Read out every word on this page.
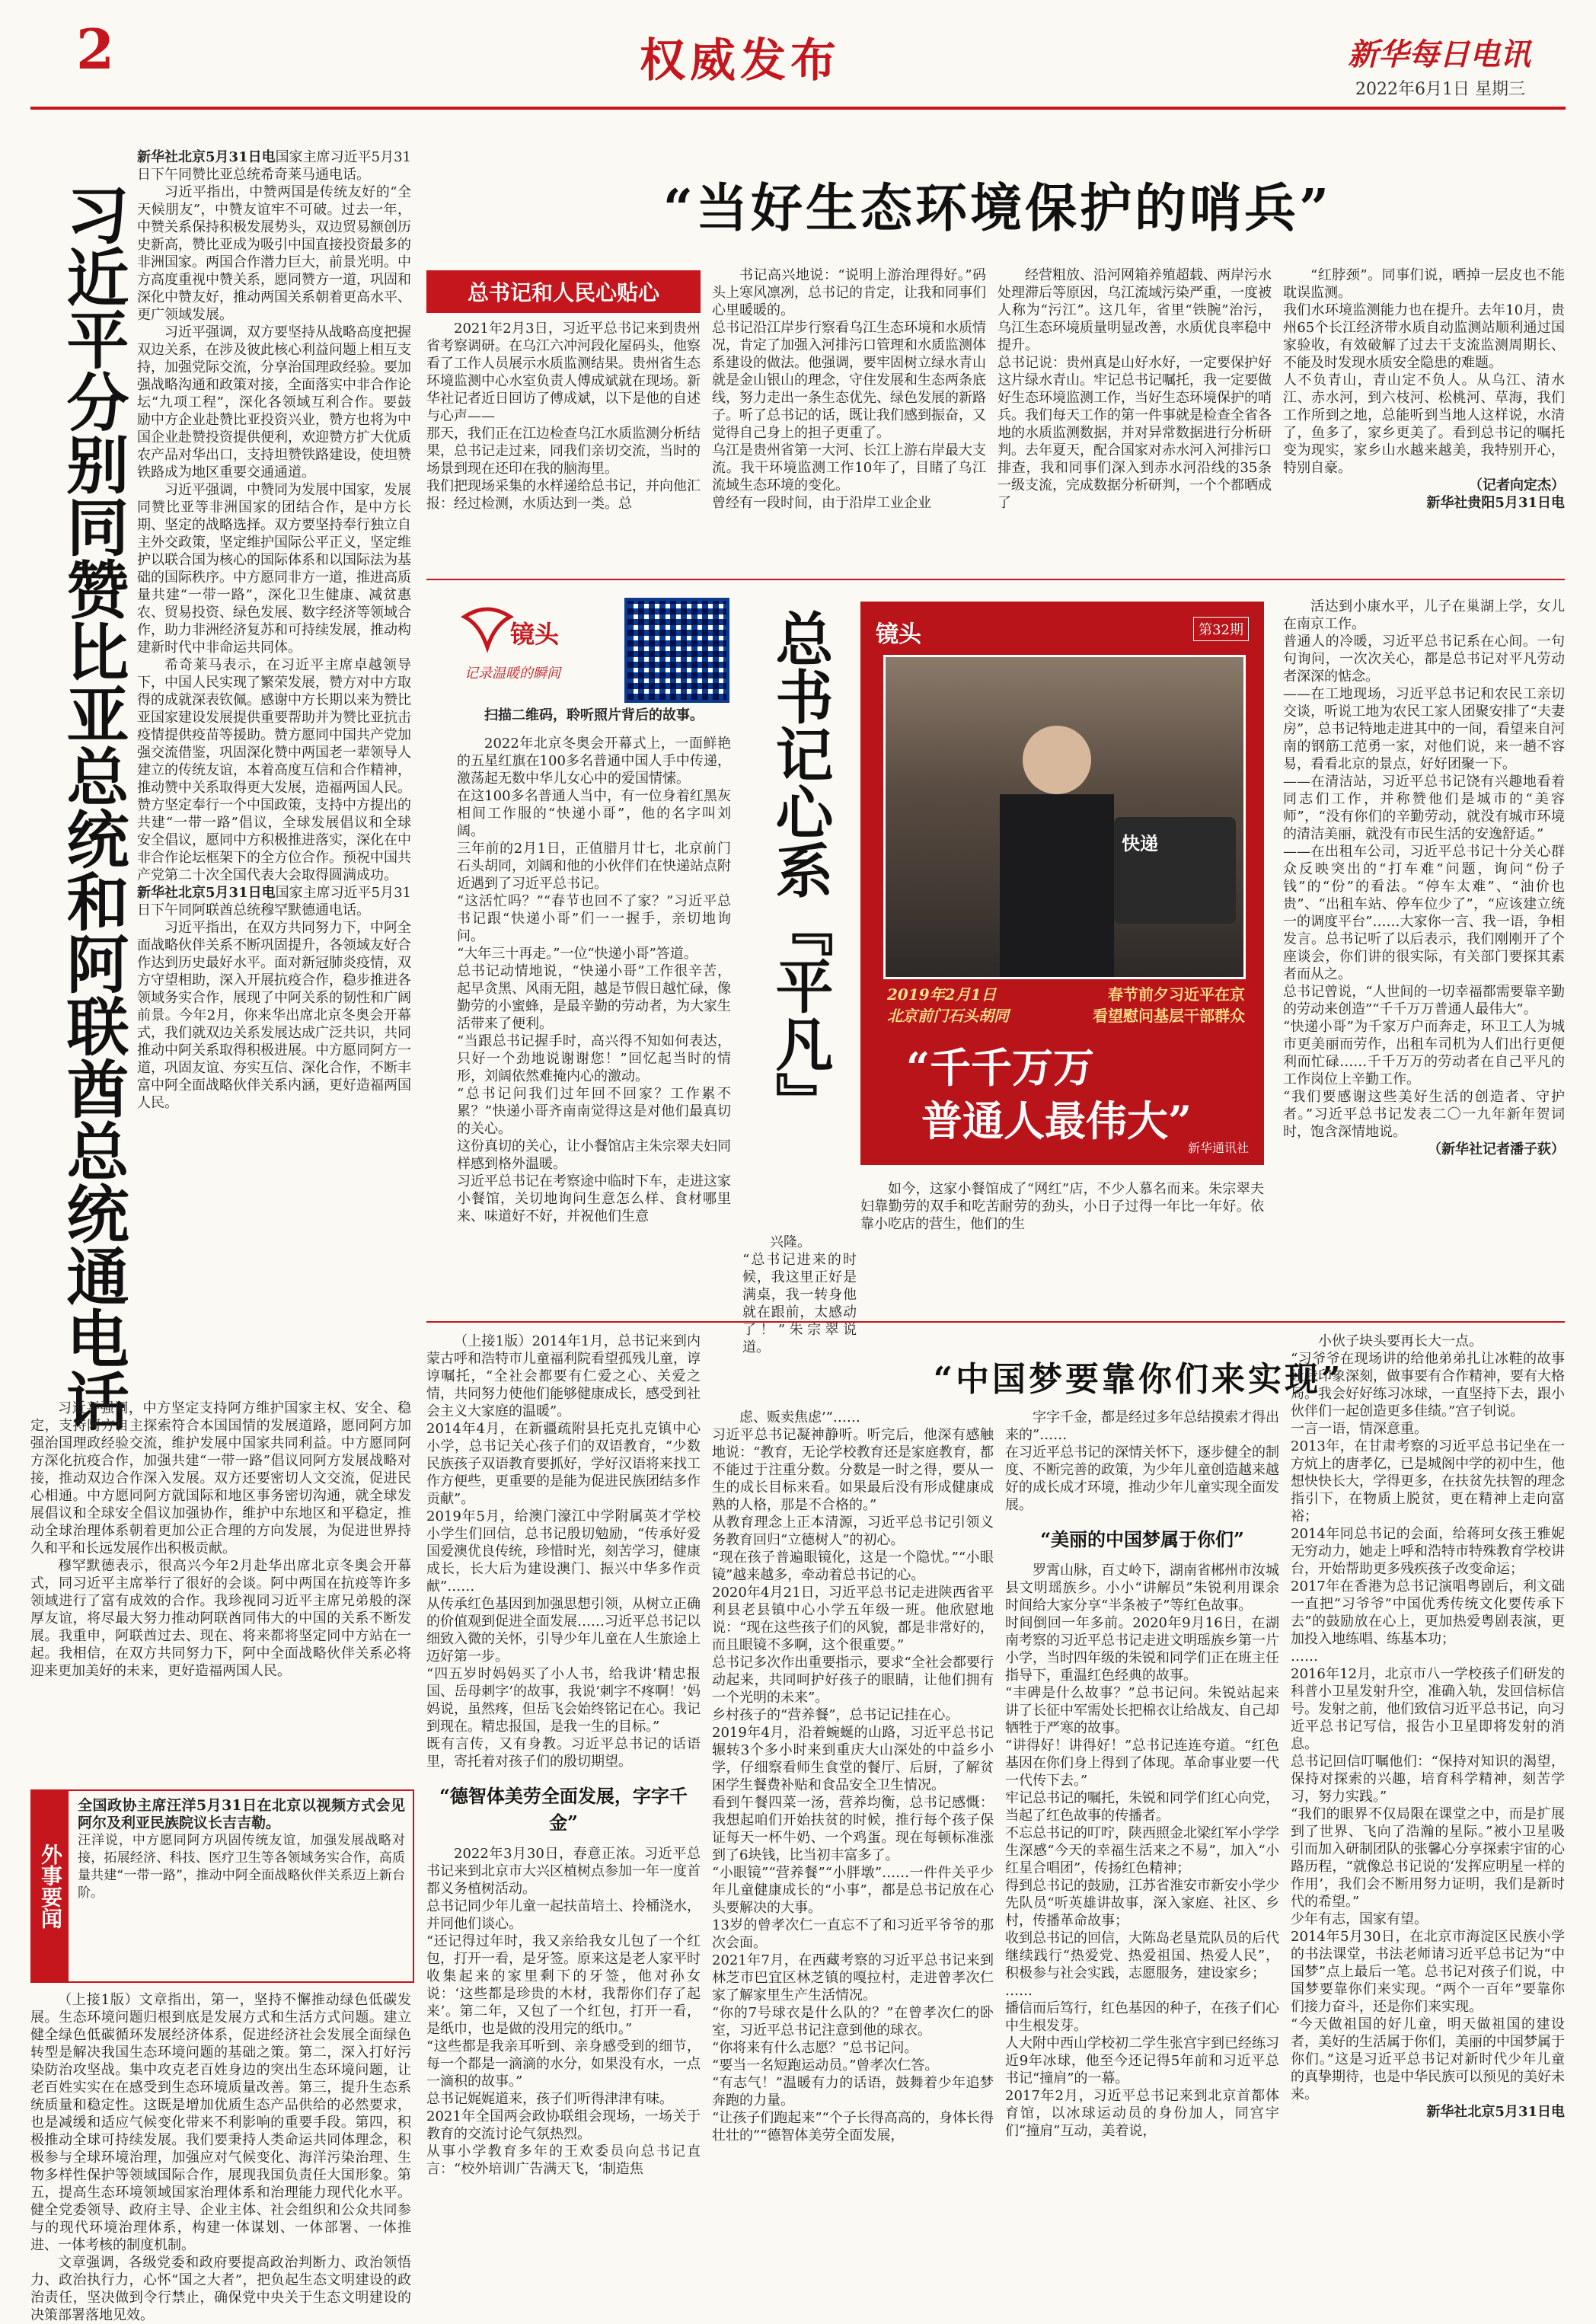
2	权威发布	新华每日电讯
2022年6月1日 星期三
习近平分别同赞比亚总统和阿联酋总统通电话

新华社北京5月31日电国家主席习近平5月31日下午同赞比亚总统希奇莱马通电话。

习近平指出，中赞两国是传统友好的“全天候朋友”，中赞友谊牢不可破。过去一年，中赞关系保持积极发展势头，双边贸易额创历史新高，赞比亚成为吸引中国直接投资最多的非洲国家。两国合作潜力巨大，前景光明。中方高度重视中赞关系，愿同赞方一道，巩固和深化中赞友好，推动两国关系朝着更高水平、更广领域发展。

习近平强调，双方要坚持从战略高度把握双边关系，在涉及彼此核心利益问题上相互支持，加强党际交流，分享治国理政经验。要加强战略沟通和政策对接，全面落实中非合作论坛“九项工程”，深化各领域互利合作。要鼓励中方企业赴赞比亚投资兴业，赞方也将为中国企业赴赞投资提供便利，欢迎赞方扩大优质农产品对华出口，支持坦赞铁路建设，使坦赞铁路成为地区重要交通通道。

习近平强调，中赞同为发展中国家，发展同赞比亚等非洲国家的团结合作，是中方长期、坚定的战略选择。双方要坚持奉行独立自主外交政策，坚定维护国际公平正义，坚定维护以联合国为核心的国际体系和以国际法为基础的国际秩序。中方愿同非方一道，推进高质量共建“一带一路”，深化卫生健康、减贫惠农、贸易投资、绿色发展、数字经济等领域合作，助力非洲经济复苏和可持续发展，推动构建新时代中非命运共同体。

希奇莱马表示，在习近平主席卓越领导下，中国人民实现了繁荣发展，赞方对中方取得的成就深表钦佩。感谢中方长期以来为赞比亚国家建设发展提供重要帮助并为赞比亚抗击疫情提供疫苗等援助。赞方愿同中国共产党加强交流借鉴，巩固深化赞中两国老一辈领导人建立的传统友谊，本着高度互信和合作精神，推动赞中关系取得更大发展，造福两国人民。赞方坚定奉行一个中国政策，支持中方提出的共建“一带一路”倡议，全球发展倡议和全球安全倡议，愿同中方积极推进落实，深化在中非合作论坛框架下的全方位合作。预祝中国共产党第二十次全国代表大会取得圆满成功。

新华社北京5月31日电国家主席习近平5月31日下午同阿联酋总统穆罕默德通电话。

习近平指出，在双方共同努力下，中阿全面战略伙伴关系不断巩固提升，各领域友好合作达到历史最好水平。面对新冠肺炎疫情，双方守望相助，深入开展抗疫合作，稳步推进各领域务实合作，展现了中阿关系的韧性和广阔前景。今年2月，你来华出席北京冬奥会开幕式，我们就双边关系发展达成广泛共识，共同推动中阿关系取得积极进展。中方愿同阿方一道，巩固友谊、夯实互信、深化合作，不断丰富中阿全面战略伙伴关系内涵，更好造福两国人民。

习近平强调，中方坚定支持阿方维护国家主权、安全、稳定，支持阿方自主探索符合本国国情的发展道路，愿同阿方加强治国理政经验交流，维护发展中国家共同利益。中方愿同阿方深化抗疫合作，加强共建“一带一路”倡议同阿方发展战略对接，推动双边合作深入发展。双方还要密切人文交流，促进民心相通。中方愿同阿方就国际和地区事务密切沟通，就全球发展倡议和全球安全倡议加强协作，维护中东地区和平稳定，推动全球治理体系朝着更加公正合理的方向发展，为促进世界持久和平和长远发展作出积极贡献。

穆罕默德表示，很高兴今年2月赴华出席北京冬奥会开幕式，同习近平主席举行了很好的会谈。阿中两国在抗疫等许多领域进行了富有成效的合作。我珍视同习近平主席兄弟般的深厚友谊，将尽最大努力推动阿联酋同伟大的中国的关系不断发展。我重申，阿联酋过去、现在、将来都将坚定同中方站在一起。我相信，在双方共同努力下，阿中全面战略伙伴关系必将迎来更加美好的未来，更好造福两国人民。

外事要闻

全国政协主席汪洋5月31日在北京以视频方式会见阿尔及利亚民族院议长吉吉勒。

汪洋说，中方愿同阿方巩固传统友谊，加强发展战略对接，拓展经济、科技、医疗卫生等各领域务实合作，高质量共建“一带一路”，推动中阿全面战略伙伴关系迈上新台阶。

（上接1版）文章指出，第一，坚持不懈推动绿色低碳发展。生态环境问题归根到底是发展方式和生活方式问题。建立健全绿色低碳循环发展经济体系，促进经济社会发展全面绿色转型是解决我国生态环境问题的基础之策。第二，深入打好污染防治攻坚战。集中攻克老百姓身边的突出生态环境问题，让老百姓实实在在感受到生态环境质量改善。第三，提升生态系统质量和稳定性。这既是增加优质生态产品供给的必然要求，也是减缓和适应气候变化带来不利影响的重要手段。第四，积极推动全球可持续发展。我们要秉持人类命运共同体理念，积极参与全球环境治理，加强应对气候变化、海洋污染治理、生物多样性保护等领域国际合作，展现我国负责任大国形象。第五，提高生态环境领域国家治理体系和治理能力现代化水平。健全党委领导、政府主导、企业主体、社会组织和公众共同参与的现代环境治理体系，构建一体谋划、一体部署、一体推进、一体考核的制度机制。

文章强调，各级党委和政府要提高政治判断力、政治领悟力、政治执行力，心怀“国之大者”，把负起生态文明建设的政治责任，坚决做到令行禁止，确保党中央关于生态文明建设的决策部署落地见效。

“当好生态环境保护的哨兵”
总书记和人民心贴心

2021年2月3日，习近平总书记来到贵州省考察调研。在乌江六冲河段化屋码头，他察看了工作人员展示水质监测结果。贵州省生态环境监测中心水室负责人傅成斌就在现场。新华社记者近日回访了傅成斌，以下是他的自述与心声——
那天，我们正在江边检查乌江水质监测分析结果，总书记走过来，同我们亲切交流，当时的场景到现在还印在我的脑海里。
我们把现场采集的水样递给总书记，并向他汇报：经过检测，水质达到一类。总

书记高兴地说：“说明上游治理得好。”码头上寒风凛冽，总书记的肯定，让我和同事们心里暖暖的。
总书记沿江岸步行察看乌江生态环境和水质情况，肯定了加强入河排污口管理和水质监测体系建设的做法。他强调，要牢固树立绿水青山就是金山银山的理念，守住发展和生态两条底线，努力走出一条生态优先、绿色发展的新路子。听了总书记的话，既让我们感到振奋，又觉得自己身上的担子更重了。
乌江是贵州省第一大河、长江上游右岸最大支流。我干环境监测工作10年了，目睹了乌江流域生态环境的变化。
曾经有一段时间，由于沿岸工业企业

经营粗放、沿河网箱养殖超载、两岸污水处理滞后等原因，乌江流域污染严重，一度被人称为“污江”。这几年，省里“铁腕”治污，乌江生态环境质量明显改善，水质优良率稳中提升。
总书记说：贵州真是山好水好，一定要保护好这片绿水青山。牢记总书记嘱托，我一定要做好生态环境监测工作，当好生态环境保护的哨兵。我们每天工作的第一件事就是检查全省各地的水质监测数据，并对异常数据进行分析研判。去年夏天，配合国家对赤水河入河排污口排查，我和同事们深入到赤水河沿线的35条一级支流，完成数据分析研判，一个个都晒成了

“红脖颈”。同事们说，晒掉一层皮也不能耽误监测。
我们水环境监测能力也在提升。去年10月，贵州65个长江经济带水质自动监测站顺利通过国家验收，有效破解了过去干支流监测周期长、不能及时发现水质安全隐患的难题。
人不负青山，青山定不负人。从乌江、清水江、赤水河，到六枝河、松桃河、草海，我们工作所到之地，总能听到当地人这样说，水清了，鱼多了，家乡更美了。看到总书记的嘱托变为现实，家乡山水越来越美，我特别开心，特别自豪。

（记者向定杰）

新华社贵阳5月31日电

镜头
记录温暖的瞬间
扫描二维码，聆听照片背后的故事。

2022年北京冬奥会开幕式上，一面鲜艳的五星红旗在100多名普通中国人手中传递，激荡起无数中华儿女心中的爱国情愫。
在这100多名普通人当中，有一位身着红黑灰相间工作服的“快递小哥”，他的名字叫刘阔。
三年前的2月1日，正值腊月廿七，北京前门石头胡同，刘阔和他的小伙伴们在快递站点附近遇到了习近平总书记。
“这活忙吗？”“春节也回不了家？”习近平总书记跟“快递小哥”们一一握手，亲切地询问。
“大年三十再走。”一位“快递小哥”答道。
总书记动情地说，“快递小哥”工作很辛苦，起早贪黑、风雨无阻，越是节假日越忙碌，像勤劳的小蜜蜂，是最辛勤的劳动者，为大家生活带来了便利。
“当跟总书记握手时，高兴得不知如何表达，只好一个劲地说谢谢您！”回忆起当时的情形，刘阔依然难掩内心的激动。
“总书记问我们过年回不回家？工作累不累？”快递小哥齐南南觉得这是对他们最真切的关心。
这份真切的关心，让小餐馆店主朱宗翠夫妇同样感到格外温暖。
习近平总书记在考察途中临时下车，走进这家小餐馆，关切地询问生意怎么样、食材哪里来、味道好不好，并祝他们生意

总书记心系『平凡』

兴隆。
“总书记进来的时候，我这里正好是满桌，我一转身他就在跟前，太感动了！”朱宗翠说道。

镜头	第32期
快递
2019年2月1日
北京前门石头胡同
春节前夕习近平在京
看望慰问基层干部群众
“千千万万
普通人最伟大”
新华通讯社

如今，这家小餐馆成了“网红”店，不少人慕名而来。朱宗翠夫妇靠勤劳的双手和吃苦耐劳的劲头，小日子过得一年比一年好。依靠小吃店的营生，他们的生

活达到小康水平，儿子在巢湖上学，女儿在南京工作。
普通人的冷暖，习近平总书记系在心间。一句句询问，一次次关心，都是总书记对平凡劳动者深深的惦念。
——在工地现场，习近平总书记和农民工亲切交谈，听说工地为农民工家人团聚安排了“夫妻房”，总书记特地走进其中的一间，看望来自河南的钢筋工范勇一家，对他们说，来一趟不容易，看看北京的景点，好好团聚一下。
——在清洁站，习近平总书记饶有兴趣地看着同志们工作，并称赞他们是城市的“美容师”，“没有你们的辛勤劳动，就没有城市环境的清洁美丽，就没有市民生活的安逸舒适。”
——在出租车公司，习近平总书记十分关心群众反映突出的“打车难”问题，询问“份子钱”的“份”的看法。“停车太难”、“油价也贵”、“出租车站、停车位少了”，“应该建立统一的调度平台”……大家你一言、我一语，争相发言。总书记听了以后表示，我们刚刚开了个座谈会，你们讲的很实际，有关部门要探其素者而从之。
总书记曾说，“人世间的一切幸福都需要靠辛勤的劳动来创造”“千千万万普通人最伟大”。
“快递小哥”为千家万户而奔走，环卫工人为城市更美丽而劳作，出租车司机为人们出行更便利而忙碌……千千万万的劳动者在自己平凡的工作岗位上辛勤工作。
“我们要感谢这些美好生活的创造者、守护者。”习近平总书记发表二〇一九年新年贺词时，饱含深情地说。

（新华社记者潘子荻）

（上接1版）2014年1月，总书记来到内蒙古呼和浩特市儿童福利院看望孤残儿童，谆谆嘱托，“全社会都要有仁爱之心、关爱之情，共同努力使他们能够健康成长，感受到社会主义大家庭的温暖”。
2014年4月，在新疆疏附县托克扎克镇中心小学，总书记关心孩子们的双语教育，“少数民族孩子双语教育要抓好，学好汉语将来找工作方便些，更重要的是能为促进民族团结多作贡献”。
2019年5月，给澳门濠江中学附属英才学校小学生们回信，总书记殷切勉励，“传承好爱国爱澳优良传统，珍惜时光，刻苦学习，健康成长，长大后为建设澳门、振兴中华多作贡献”……
从传承红色基因到加强思想引领，从树立正确的价值观到促进全面发展……习近平总书记以细致入微的关怀，引导少年儿童在人生旅途上迈好第一步。
“四五岁时妈妈买了小人书，给我讲‘精忠报国、岳母刺字’的故事，我说‘刺字不疼啊！’妈妈说，虽然疼，但岳飞会始终铭记在心。我记到现在。精忠报国，是我一生的目标。”
既有言传，又有身教。习近平总书记的话语里，寄托着对孩子们的殷切期望。

“德智体美劳全面发展，字字千金”

2022年3月30日，春意正浓。习近平总书记来到北京市大兴区植树点参加一年一度首都义务植树活动。
总书记同少年儿童一起扶苗培土、拎桶浇水，并同他们谈心。
“还记得过年时，我又亲给我女儿包了一个红包，打开一看，是牙签。原来这是老人家平时收集起来的家里剩下的牙签，他对孙女说：‘这些都是珍贵的木材，我帮你们存了起来’。第二年，又包了一个红包，打开一看，是纸巾，也是做的没用完的纸巾。”
“这些都是我亲耳听到、亲身感受到的细节，每一个都是一滴滴的水分，如果没有水，一点一滴积的故事。”
总书记娓娓道来，孩子们听得津津有味。
2021年全国两会政协联组会现场，一场关于教育的交流讨论气氛热烈。
从事小学教育多年的王欢委员向总书记直言：“校外培训广告满天飞，‘制造焦

“中国梦要靠你们来实现”

虑、贩卖焦虑’”……
习近平总书记凝神静听。听完后，他深有感触地说：“教育，无论学校教育还是家庭教育，都不能过于注重分数。分数是一时之得，要从一生的成长目标来看。如果最后没有形成健康成熟的人格，那是不合格的。”
从教育理念上正本清源，习近平总书记引领义务教育回归“立德树人”的初心。
“现在孩子普遍眼镜化，这是一个隐忧。”“小眼镜”越来越多，牵动着总书记的心。
2020年4月21日，习近平总书记走进陕西省平利县老县镇中心小学五年级一班。他欣慰地说：“现在这些孩子们的风貌，都是非常好的，而且眼镜不多啊，这个很重要。”
总书记多次作出重要指示，要求“全社会都要行动起来，共同呵护好孩子的眼睛，让他们拥有一个光明的未来”。
乡村孩子的“营养餐”，总书记记挂在心。
2019年4月，沿着蜿蜒的山路，习近平总书记辗转3个多小时来到重庆大山深处的中益乡小学，仔细察看师生食堂的餐厅、后厨，了解贫困学生餐费补贴和食品安全卫生情况。
看到午餐四菜一汤，营养均衡，总书记感慨：我想起咱们开始扶贫的时候，推行每个孩子保证每天一杯牛奶、一个鸡蛋。现在每顿标准涨到了6块钱，比当初丰富多了。
“小眼镜”“营养餐”“小胖墩”……一件件关乎少年儿童健康成长的“小事”，都是总书记放在心头要解决的大事。
13岁的曾孝次仁一直忘不了和习近平爷爷的那次会面。
2021年7月，在西藏考察的习近平总书记来到林芝市巴宜区林芝镇的嘎拉村，走进曾孝次仁家了解家里生产生活情况。
“你的7号球衣是什么队的？”在曾孝次仁的卧室，习近平总书记注意到他的球衣。
“你将来有什么志愿？”总书记问。
“要当一名短跑运动员。”曾孝次仁答。
“有志气！”温暖有力的话语，鼓舞着少年追梦奔跑的力量。
“让孩子们跑起来”“个子长得高高的，身体长得壮壮的”“德智体美劳全面发展，

字字千金，都是经过多年总结摸索才得出来的”……
在习近平总书记的深情关怀下，逐步健全的制度、不断完善的政策，为少年儿童创造越来越好的成长成才环境，推动少年儿童实现全面发展。

“美丽的中国梦属于你们”

罗霄山脉，百丈岭下，湖南省郴州市汝城县文明瑶族乡。小小“讲解员”朱锐利用课余时间给大家分享“半条被子”等红色故事。
时间倒回一年多前。2020年9月16日，在湖南考察的习近平总书记走进文明瑶族乡第一片小学，当时四年级的朱锐和同学们正在班主任指导下，重温红色经典的故事。
“丰碑是什么故事？”总书记问。朱锐站起来讲了长征中军需处长把棉衣让给战友、自己却牺牲于严寒的故事。
“讲得好！讲得好！”总书记连连夸道。“红色基因在你们身上得到了体现。革命事业要一代一代传下去。”
牢记总书记的嘱托，朱锐和同学们红心向党，当起了红色故事的传播者。
不忘总书记的叮咛，陕西照金北梁红军小学学生深感“今天的幸福生活来之不易”，加入“小红星合唱团”，传扬红色精神；
得到总书记的鼓励，江苏省淮安市新安小学少先队员“听英雄讲故事，深入家庭、社区、乡村，传播革命故事；
收到总书记的回信，大陈岛老垦荒队员的后代继续践行“热爱党、热爱祖国、热爱人民”，积极参与社会实践，志愿服务，建设家乡；
……
播信而后笃行，红色基因的种子，在孩子们心中生根发芽。
人大附中西山学校初二学生张宫宇到已经练习近9年冰球，他至今还记得5年前和习近平总书记“撞肩”的一幕。
2017年2月，习近平总书记来到北京首都体育馆，以冰球运动员的身份加人，同宫宇们“撞肩”互动，美着说，

小伙子块头要再长大一点。
“习爷爷在现场讲的给他弟弟扎让冰鞋的故事让我印象深刻，做事要有合作精神，要有大格局。我会好好练习冰球，一直坚持下去，跟小伙伴们一起创造更多佳绩。”宫子钊说。
一言一语，情深意重。
2013年，在甘肃考察的习近平总书记坐在一方炕上的唐孝亿，已是城阁中学的初中生，他想快快长大，学得更多，在扶贫先扶智的理念指引下，在物质上脱贫，更在精神上走向富裕；
2014年同总书记的会面，给蒋珂女孩王雅妮无穷动力，她走上呼和浩特市特殊教育学校讲台，开始帮助更多残疾孩子改变命运；
2017年在香港为总书记演唱粤剧后，利文础一直把“习爷爷”中国优秀传统文化要传承下去”的鼓励放在心上，更加热爱粤剧表演，更加投入地练唱、练基本功；
……
2016年12月，北京市八一学校孩子们研发的科普小卫星发射升空，准确入轨，发回信标信号。发射之前，他们致信习近平总书记，向习近平总书记写信，报告小卫星即将发射的消息。
总书记回信叮嘱他们：“保持对知识的渴望，保持对探索的兴趣，培育科学精神，刻苦学习，努力实践。”
“我们的眼界不仅局限在课堂之中，而是扩展到了世界、飞向了浩瀚的星际。”被小卫星吸引而加入研制团队的张馨心分享探索宇宙的心路历程，“就像总书记说的‘发挥应明星一样的作用’，我们会不断用努力证明，我们是新时代的希望。”
少年有志，国家有望。
2014年5月30日，在北京市海淀区民族小学的书法课堂，书法老师请习近平总书记为“中国梦”点上最后一笔。总书记对孩子们说，中国梦要靠你们来实现。“两个一百年”要靠你们接力奋斗，还是你们来实现。
“今天做祖国的好儿童，明天做祖国的建设者，美好的生活属于你们，美丽的中国梦属于你们。”这是习近平总书记对新时代少年儿童的真挚期待，也是中华民族可以预见的美好未来。

新华社北京5月31日电
